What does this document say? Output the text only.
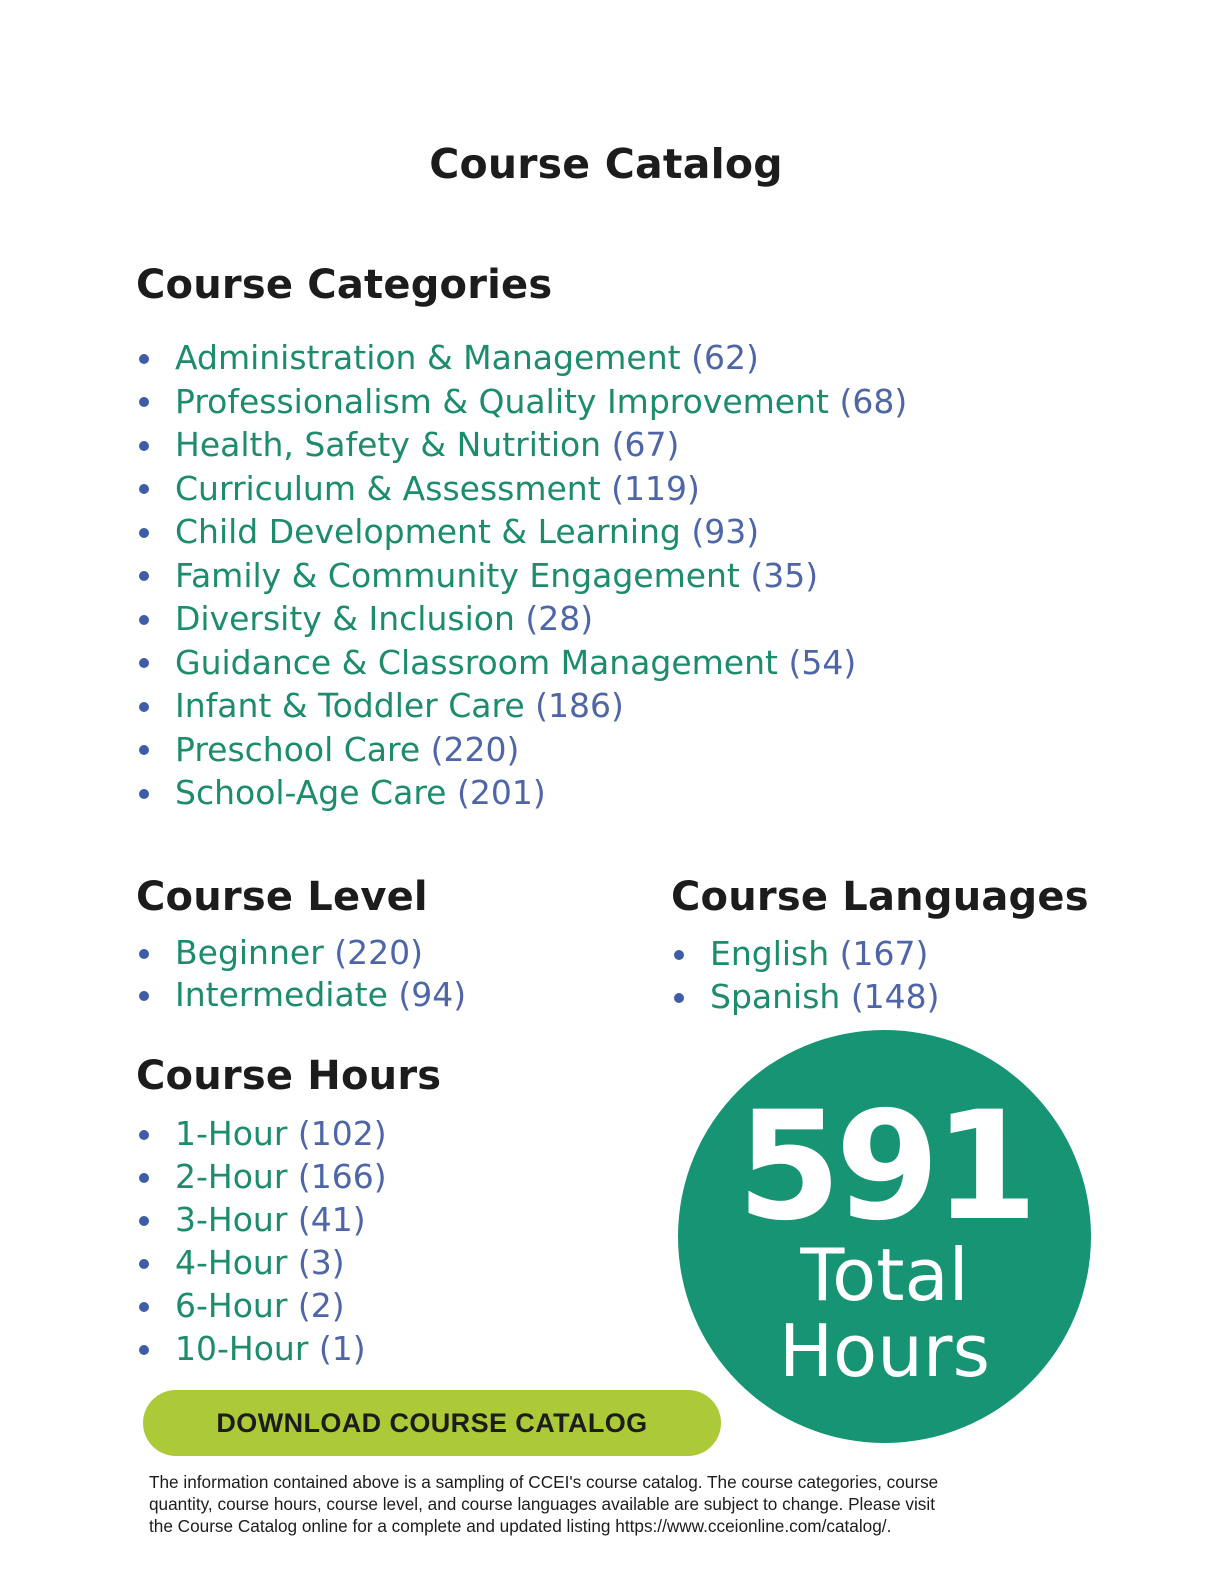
Course Catalog
Course Categories
Administration & Management (62)
Professionalism & Quality Improvement (68)
Health, Safety & Nutrition (67)
Curriculum & Assessment (119)
Child Development & Learning (93)
Family & Community Engagement (35)
Diversity & Inclusion (28)
Guidance & Classroom Management (54)
Infant & Toddler Care (186)
Preschool Care (220)
School-Age Care (201)
Course Level
Beginner (220)
Intermediate (94)
Course Languages
English (167)
Spanish (148)
Course Hours
1-Hour (102)
2-Hour (166)
3-Hour (41)
4-Hour (3)
6-Hour (2)
10-Hour (1)
591
Total
Hours
DOWNLOAD COURSE CATALOG

The information contained above is a sampling of CCEI's course catalog. The course categories, course
quantity, course hours, course level, and course languages available are subject to change. Please visit
the Course Catalog online for a complete and updated listing https://www.cceionline.com/catalog/.
